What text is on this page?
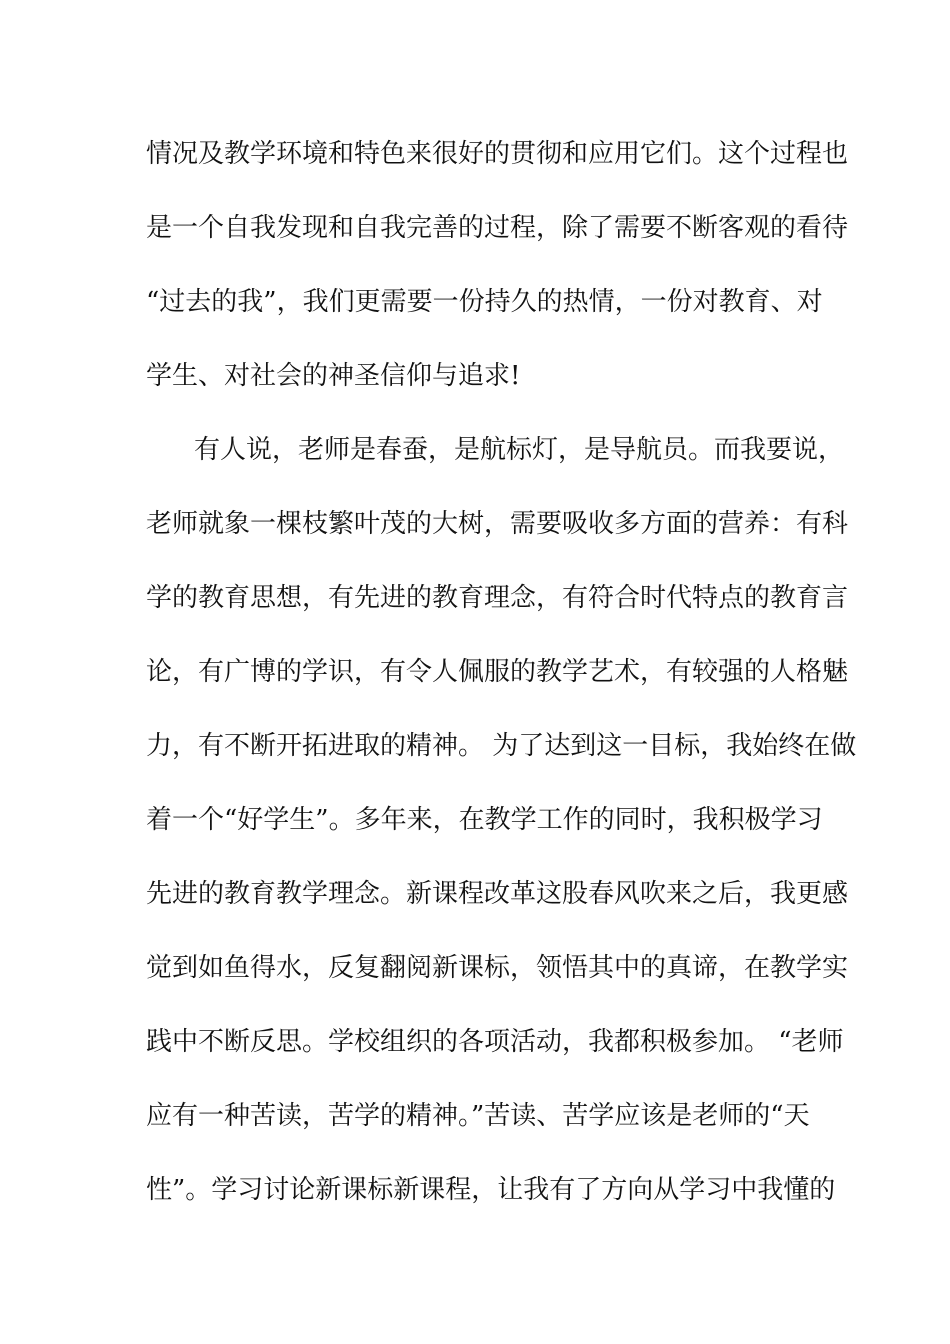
情况及教学环境和特色来很好的贯彻和应用它们。这个过程也
是一个自我发现和自我完善的过程，除了需要不断客观的看待
“过去的我”，我们更需要一份持久的热情，一份对教育、对
学生、对社会的神圣信仰与追求!
有人说，老师是春蚕，是航标灯，是导航员。而我要说，
老师就象一棵枝繁叶茂的大树，需要吸收多方面的营养：有科
学的教育思想，有先进的教育理念，有符合时代特点的教育言
论，有广博的学识，有令人佩服的教学艺术，有较强的人格魅
力，有不断开拓进取的精神。 为了达到这一目标，我始终在做
着一个“好学生”。多年来，在教学工作的同时，我积极学习
先进的教育教学理念。新课程改革这股春风吹来之后，我更感
觉到如鱼得水，反复翻阅新课标，领悟其中的真谛，在教学实
践中不断反思。学校组织的各项活动，我都积极参加。 “老师
应有一种苦读，苦学的精神。”苦读、苦学应该是老师的“天
性”。学习讨论新课标新课程，让我有了方向从学习中我懂的
